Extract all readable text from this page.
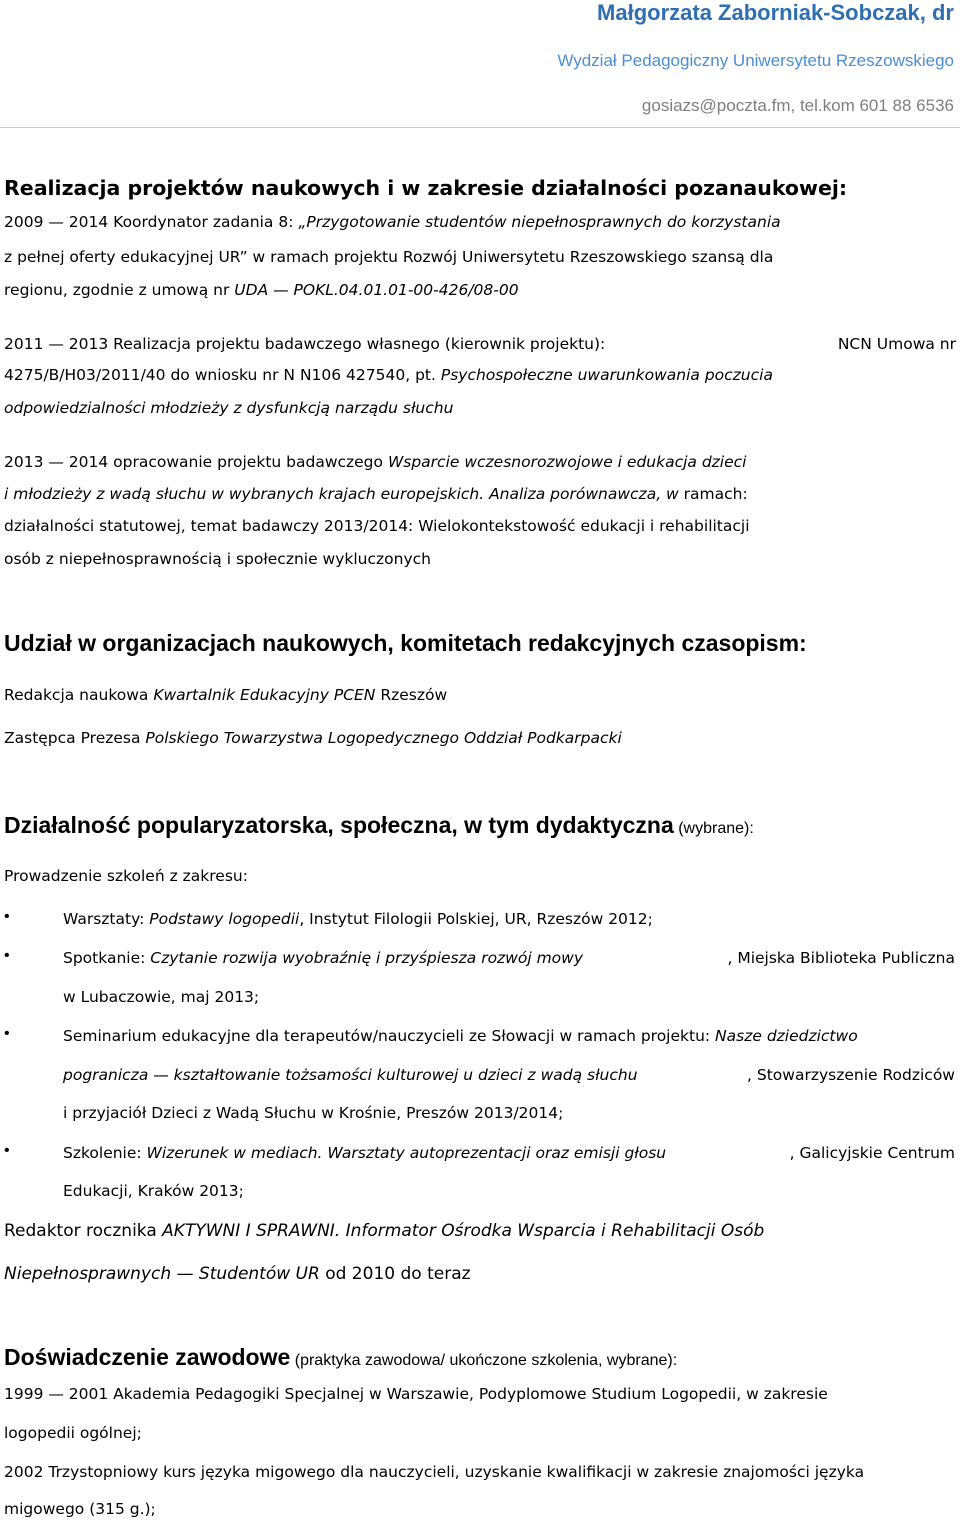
Małgorzata Zaborniak-Sobczak, dr
Wydział Pedagogiczny Uniwersytetu Rzeszowskiego
gosiazs@poczta.fm, tel.kom 601 88 6536
Realizacja projektów naukowych i w zakresie działalności pozanaukowej:
2009 — 2014 Koordynator zadania 8: „Przygotowanie studentów niepełnosprawnych do korzystania
z pełnej oferty edukacyjnej UR” w ramach projektu Rozwój Uniwersytetu Rzeszowskiego szansą dla
regionu, zgodnie z umową nr UDA — POKL.04.01.01-00-426/08-00
2011 — 2013 Realizacja projektu badawczego własnego (kierownik projektu):	NCN Umowa nr
4275/B/H03/2011/40 do wniosku nr N N106 427540, pt. Psychospołeczne uwarunkowania poczucia
odpowiedzialności młodzieży z dysfunkcją narządu słuchu
2013 — 2014 opracowanie projektu badawczego Wsparcie wczesnorozwojowe i edukacja dzieci
i młodzieży z wadą słuchu w wybranych krajach europejskich. Analiza porównawcza, w ramach:
działalności statutowej, temat badawczy 2013/2014: Wielokontekstowość edukacji i rehabilitacji
osób z niepełnosprawnością i społecznie wykluczonych
Udział w organizacjach naukowych, komitetach redakcyjnych czasopism:
Redakcja naukowa Kwartalnik Edukacyjny PCEN Rzeszów
Zastępca Prezesa Polskiego Towarzystwa Logopedycznego Oddział Podkarpacki
Działalność popularyzatorska, społeczna, w tym dydaktyczna (wybrane):
Prowadzenie szkoleń z zakresu:
•	Warsztaty: Podstawy logopedii, Instytut Filologii Polskiej, UR, Rzeszów 2012;
•	Spotkanie: Czytanie rozwija wyobraźnię i przyśpiesza rozwój mowy	, Miejska Biblioteka Publiczna
w Lubaczowie, maj 2013;
•	Seminarium edukacyjne dla terapeutów/nauczycieli ze Słowacji w ramach projektu: Nasze dziedzictwo
pogranicza — kształtowanie tożsamości kulturowej u dzieci z wadą słuchu	, Stowarzyszenie Rodziców
i przyjaciół Dzieci z Wadą Słuchu w Krośnie, Preszów 2013/2014;
•	Szkolenie: Wizerunek w mediach. Warsztaty autoprezentacji oraz emisji głosu	, Galicyjskie Centrum
Edukacji, Kraków 2013;
Redaktor rocznika AKTYWNI I SPRAWNI. Informator Ośrodka Wsparcia i Rehabilitacji Osób
Niepełnosprawnych — Studentów UR od 2010 do teraz
Doświadczenie zawodowe (praktyka zawodowa/ ukończone szkolenia, wybrane):
1999 — 2001 Akademia Pedagogiki Specjalnej w Warszawie, Podyplomowe Studium Logopedii, w zakresie
logopedii ogólnej;
2002 Trzystopniowy kurs języka migowego dla nauczycieli, uzyskanie kwalifikacji w zakresie znajomości języka
migowego (315 g.);
